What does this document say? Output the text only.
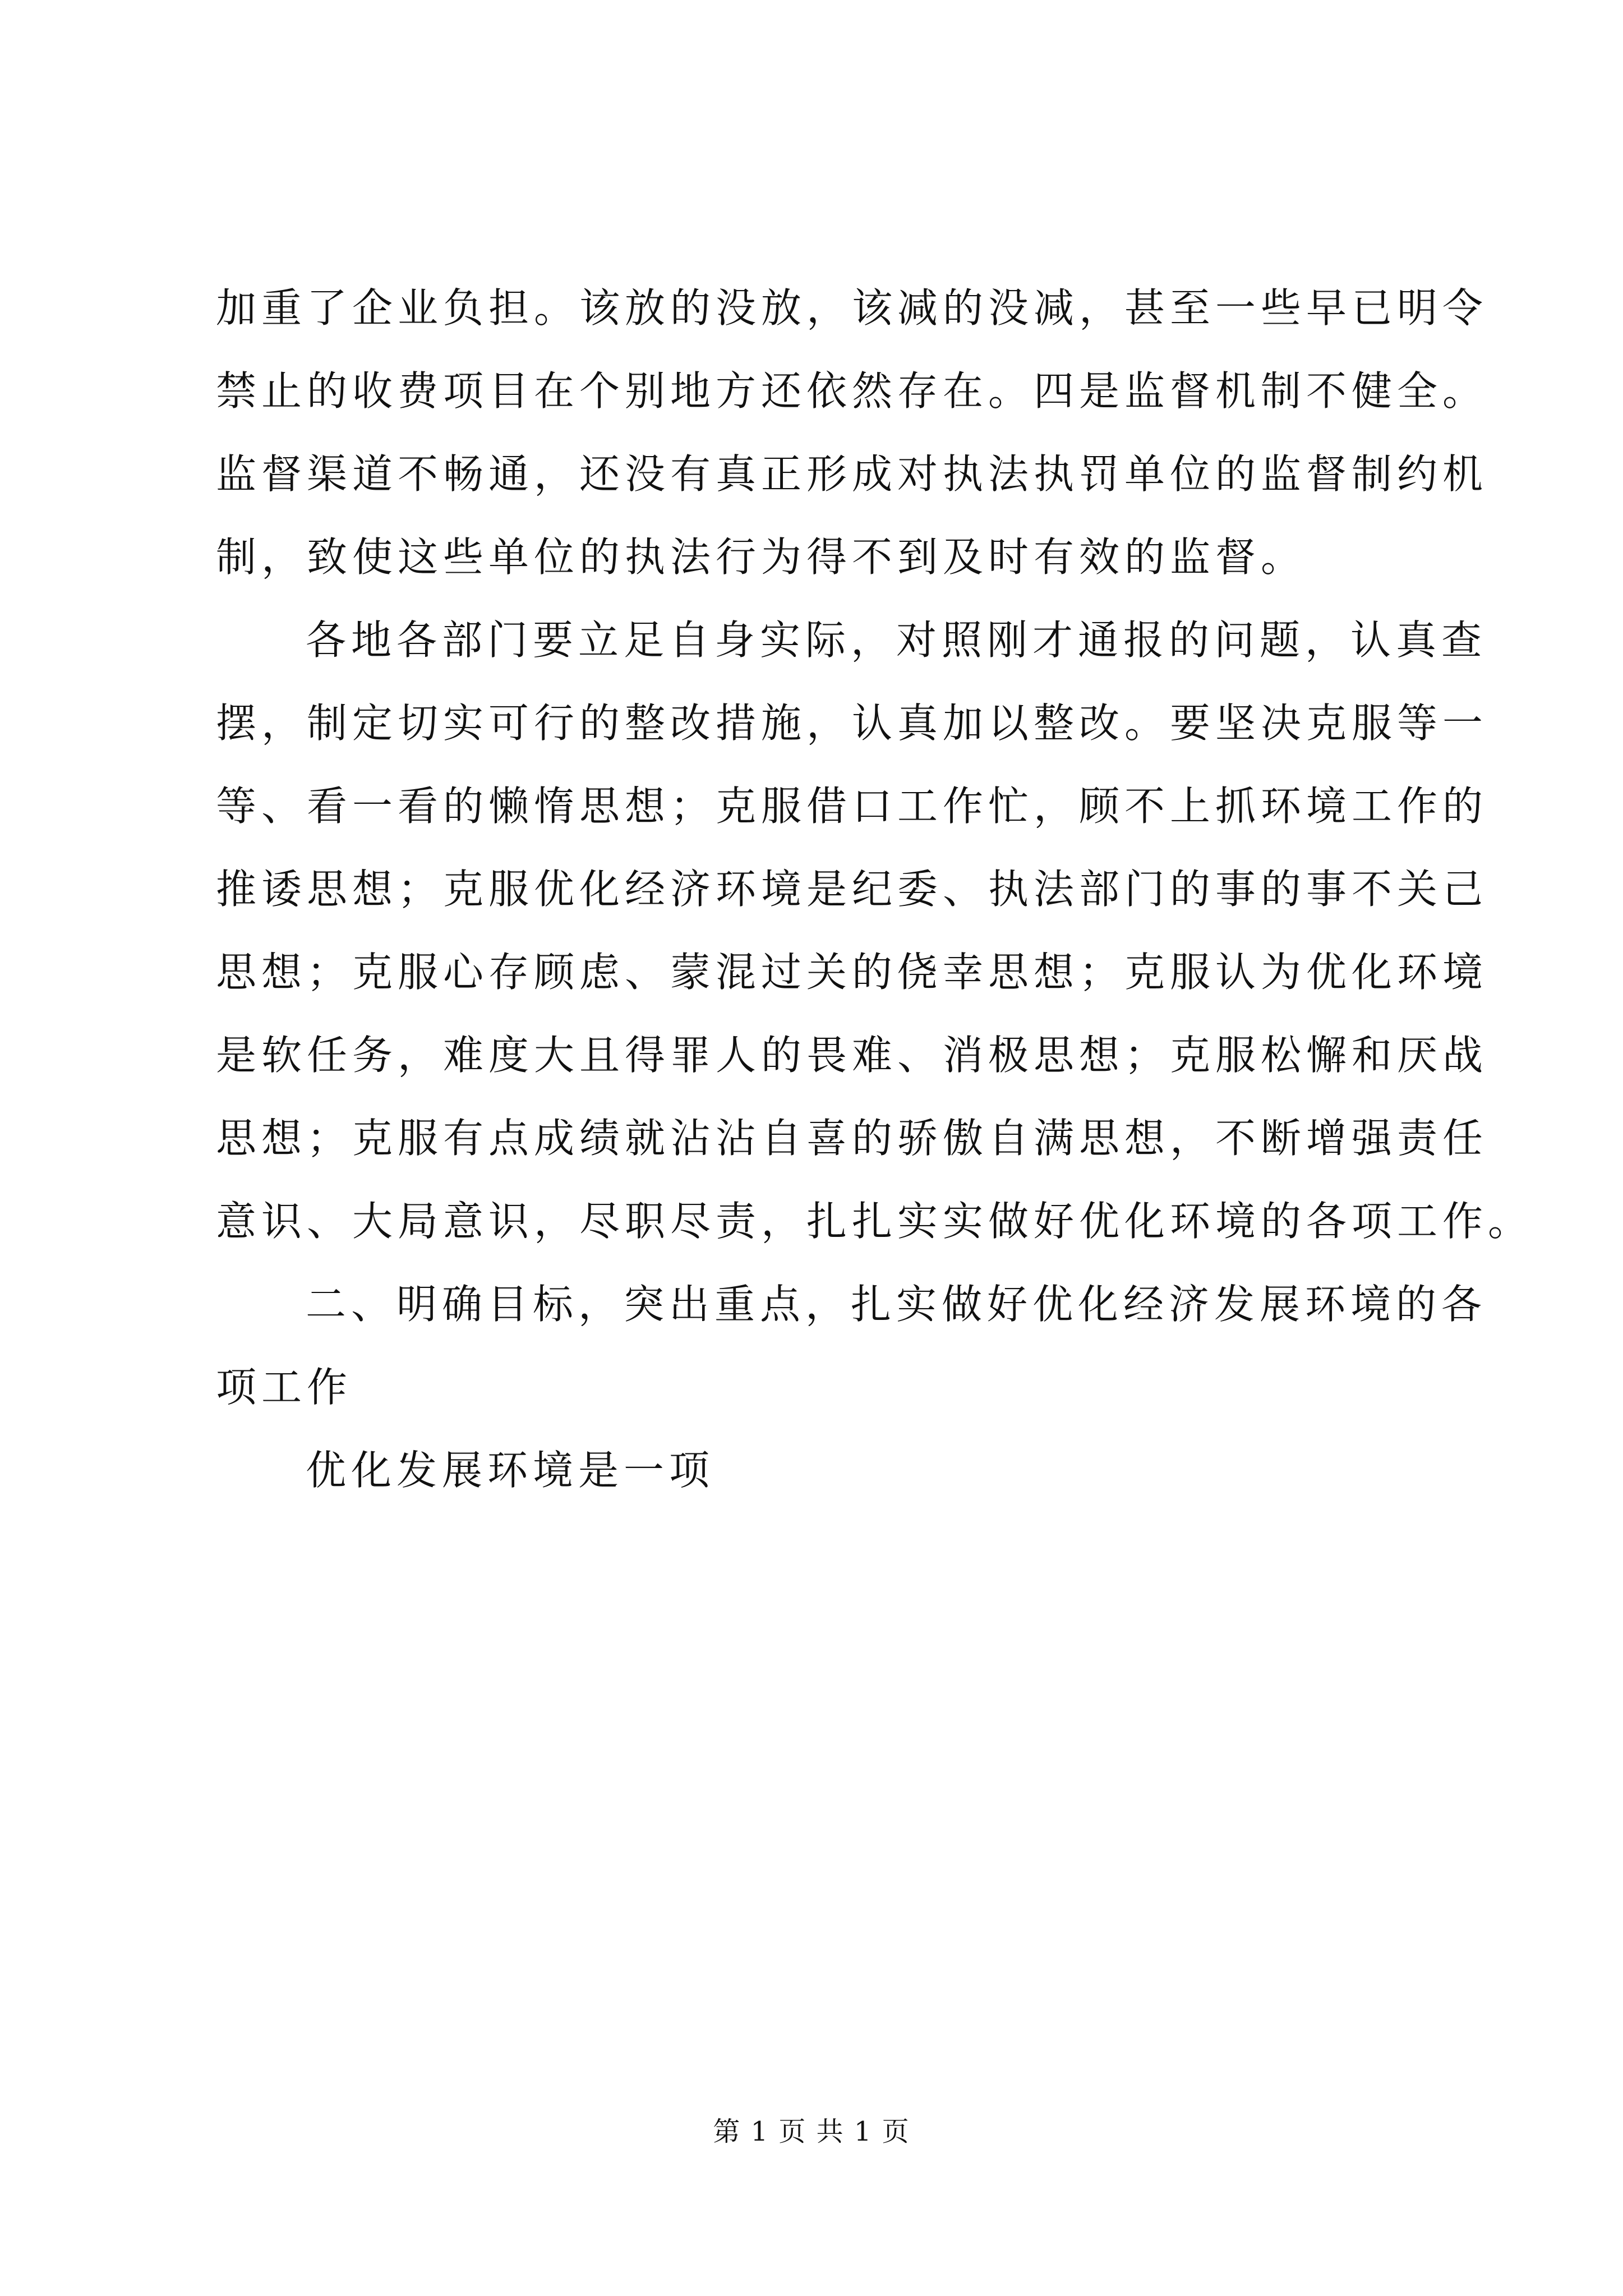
加重了企业负担。该放的没放，该减的没减，甚至一些早已明令
禁止的收费项目在个别地方还依然存在。四是监督机制不健全。
监督渠道不畅通，还没有真正形成对执法执罚单位的监督制约机
制，致使这些单位的执法行为得不到及时有效的监督。
各地各部门要立足自身实际，对照刚才通报的问题，认真查
摆，制定切实可行的整改措施，认真加以整改。要坚决克服等一
等、看一看的懒惰思想；克服借口工作忙，顾不上抓环境工作的
推诿思想；克服优化经济环境是纪委、执法部门的事的事不关己
思想；克服心存顾虑、蒙混过关的侥幸思想；克服认为优化环境
是软任务，难度大且得罪人的畏难、消极思想；克服松懈和厌战
思想；克服有点成绩就沾沾自喜的骄傲自满思想，不断增强责任
意识、大局意识，尽职尽责，扎扎实实做好优化环境的各项工作。
二、明确目标，突出重点，扎实做好优化经济发展环境的各
项工作
优化发展环境是一项
第 1 页 共 1 页
